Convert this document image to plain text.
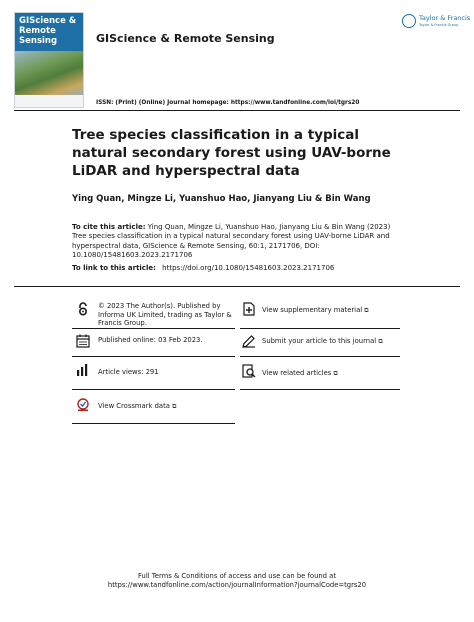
GIScience &
Remote Sensing	GIScience & Remote Sensing
Taylor & Francis
Taylor & Francis Group
ISSN: (Print) (Online) Journal homepage: https://www.tandfonline.com/loi/tgrs20
Tree species classification in a typical natural secondary forest using UAV-borne LiDAR and hyperspectral data
Ying Quan, Mingze Li, Yuanshuo Hao, Jianyang Liu & Bin Wang
To cite this article: Ying Quan, Mingze Li, Yuanshuo Hao, Jianyang Liu & Bin Wang (2023) Tree species classification in a typical natural secondary forest using UAV-borne LiDAR and hyperspectral data, GIScience & Remote Sensing, 60:1, 2171706, DOI: 10.1080/15481603.2023.2171706
To link to this article: https://doi.org/10.1080/15481603.2023.2171706
© 2023 The Author(s). Published by Informa UK Limited, trading as Taylor & Francis Group.
Published online: 03 Feb 2023.
Article views: 291
View Crossmark data ⧉
View supplementary material ⧉
Submit your article to this journal ⧉
View related articles ⧉
Full Terms & Conditions of access and use can be found at
https://www.tandfonline.com/action/journalInformation?journalCode=tgrs20
